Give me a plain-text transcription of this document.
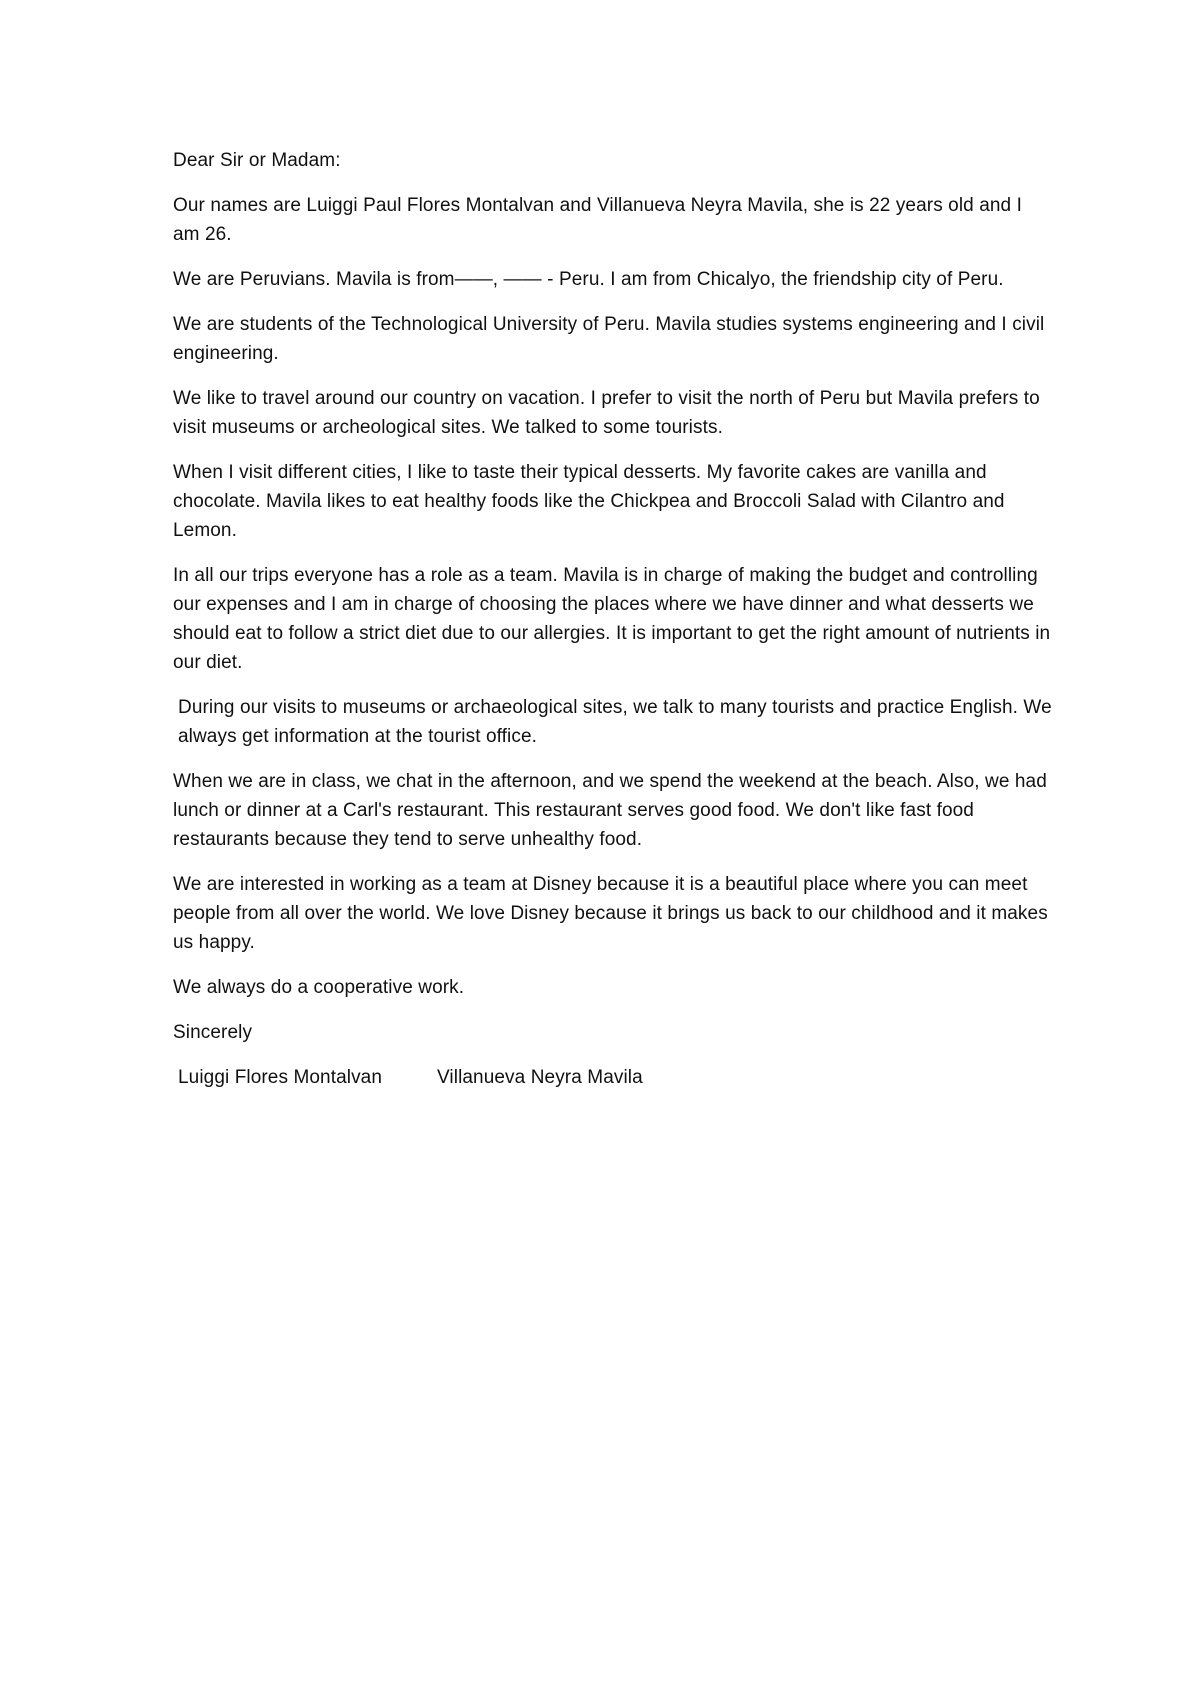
Dear Sir or Madam:

Our names are Luiggi Paul Flores Montalvan and Villanueva Neyra Mavila, she is 22 years old and I am 26.

We are Peruvians. Mavila is from——, —— - Peru. I am from Chicalyo, the friendship city of Peru.

We are students of the Technological University of Peru. Mavila studies systems engineering and I civil engineering.

We like to travel around our country on vacation. I prefer to visit the north of Peru but Mavila prefers to visit museums or archeological sites. We talked to some tourists.

When I visit different cities, I like to taste their typical desserts. My favorite cakes are vanilla and chocolate. Mavila likes to eat healthy foods like the Chickpea and Broccoli Salad with Cilantro and Lemon.

In all our trips everyone has a role as a team. Mavila is in charge of making the budget and controlling our expenses and I am in charge of choosing the places where we have dinner and what desserts we should eat to follow a strict diet due to our allergies. It is important to get the right amount of nutrients in our diet.

During our visits to museums or archaeological sites, we talk to many tourists and practice English. We always get information at the tourist office.

When we are in class, we chat in the afternoon, and we spend the weekend at the beach. Also, we had lunch or dinner at a Carl's restaurant. This restaurant serves good food. We don't like fast food restaurants because they tend to serve unhealthy food.

We are interested in working as a team at Disney because it is a beautiful place where you can meet people from all over the world. We love Disney because it brings us back to our childhood and it makes us happy.

We always do a cooperative work.

Sincerely

Luiggi Flores Montalvan	Villanueva Neyra Mavila
